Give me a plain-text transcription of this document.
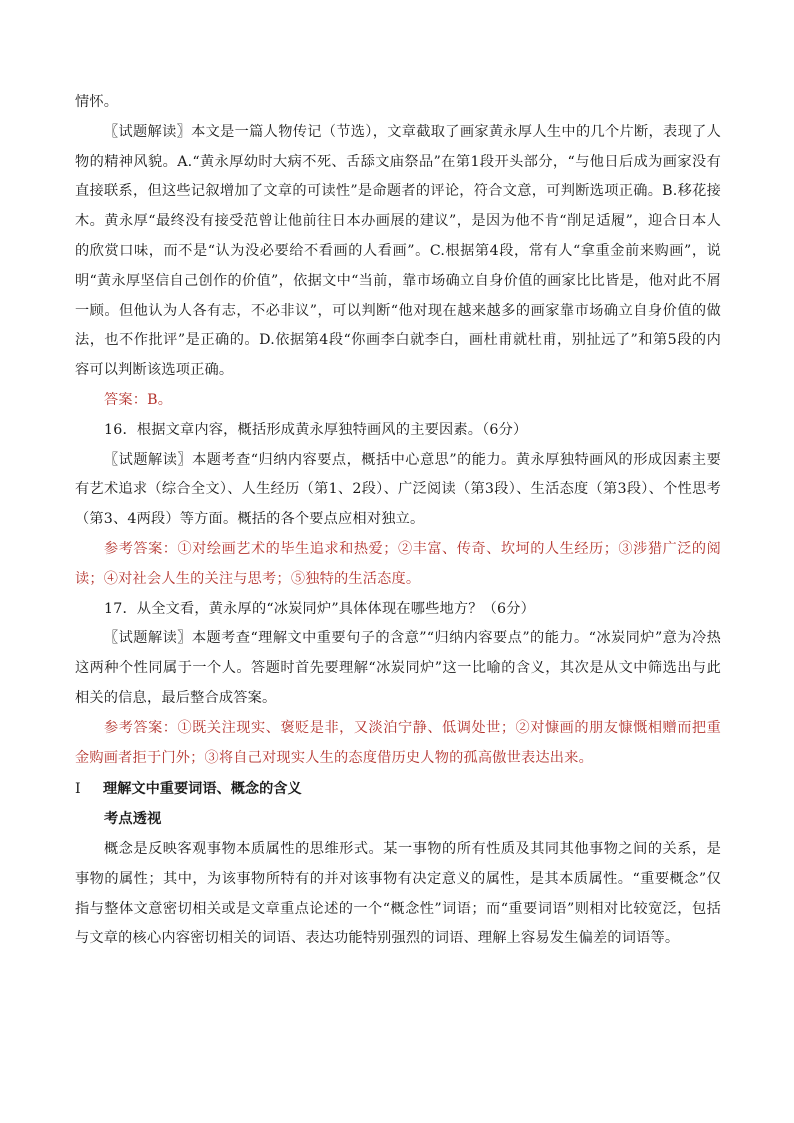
情怀。

〖试题解读〗本文是一篇人物传记（节选），文章截取了画家黄永厚人生中的几个片断，表现了人物的精神风貌。A.“黄永厚幼时大病不死、舌舔文庙祭品”在第1段开头部分，“与他日后成为画家没有直接联系，但这些记叙增加了文章的可读性”是命题者的评论，符合文意，可判断选项正确。B.移花接木。黄永厚“最终没有接受范曾让他前往日本办画展的建议”，是因为他不肯“削足适履”，迎合日本人的欣赏口味，而不是“认为没必要给不看画的人看画”。C.根据第4段，常有人“拿重金前来购画”，说明“黄永厚坚信自己创作的价值”，依据文中“当前，靠市场确立自身价值的画家比比皆是，他对此不屑一顾。但他认为人各有志，不必非议”，可以判断“他对现在越来越多的画家靠市场确立自身价值的做法，也不作批评”是正确的。D.依据第4段“你画李白就李白，画杜甫就杜甫，别扯远了”和第5段的内容可以判断该选项正确。

答案：B。

16．根据文章内容，概括形成黄永厚独特画风的主要因素。（6分）

〖试题解读〗本题考查“归纳内容要点，概括中心意思”的能力。黄永厚独特画风的形成因素主要有艺术追求（综合全文）、人生经历（第1、2段）、广泛阅读（第3段）、生活态度（第3段）、个性思考（第3、4两段）等方面。概括的各个要点应相对独立。

参考答案：①对绘画艺术的毕生追求和热爱；②丰富、传奇、坎坷的人生经历；③涉猎广泛的阅读；④对社会人生的关注与思考；⑤独特的生活态度。

17．从全文看，黄永厚的“冰炭同炉”具体体现在哪些地方？（6分）

〖试题解读〗本题考查“理解文中重要句子的含意”“归纳内容要点”的能力。“冰炭同炉”意为冷热这两种个性同属于一个人。答题时首先要理解“冰炭同炉”这一比喻的含义，其次是从文中筛选出与此相关的信息，最后整合成答案。

参考答案：①既关注现实、褒贬是非，又淡泊宁静、低调处世；②对慷画的朋友慷慨相赠而把重金购画者拒于门外；③将自己对现实人生的态度借历史人物的孤高傲世表达出来。

Ⅰ	理解文中重要词语、概念的含义

考点透视

概念是反映客观事物本质属性的思维形式。某一事物的所有性质及其同其他事物之间的关系，是事物的属性；其中，为该事物所特有的并对该事物有决定意义的属性，是其本质属性。“重要概念”仅指与整体文意密切相关或是文章重点论述的一个“概念性”词语；而“重要词语”则相对比较宽泛，包括与文章的核心内容密切相关的词语、表达功能特别强烈的词语、理解上容易发生偏差的词语等。
